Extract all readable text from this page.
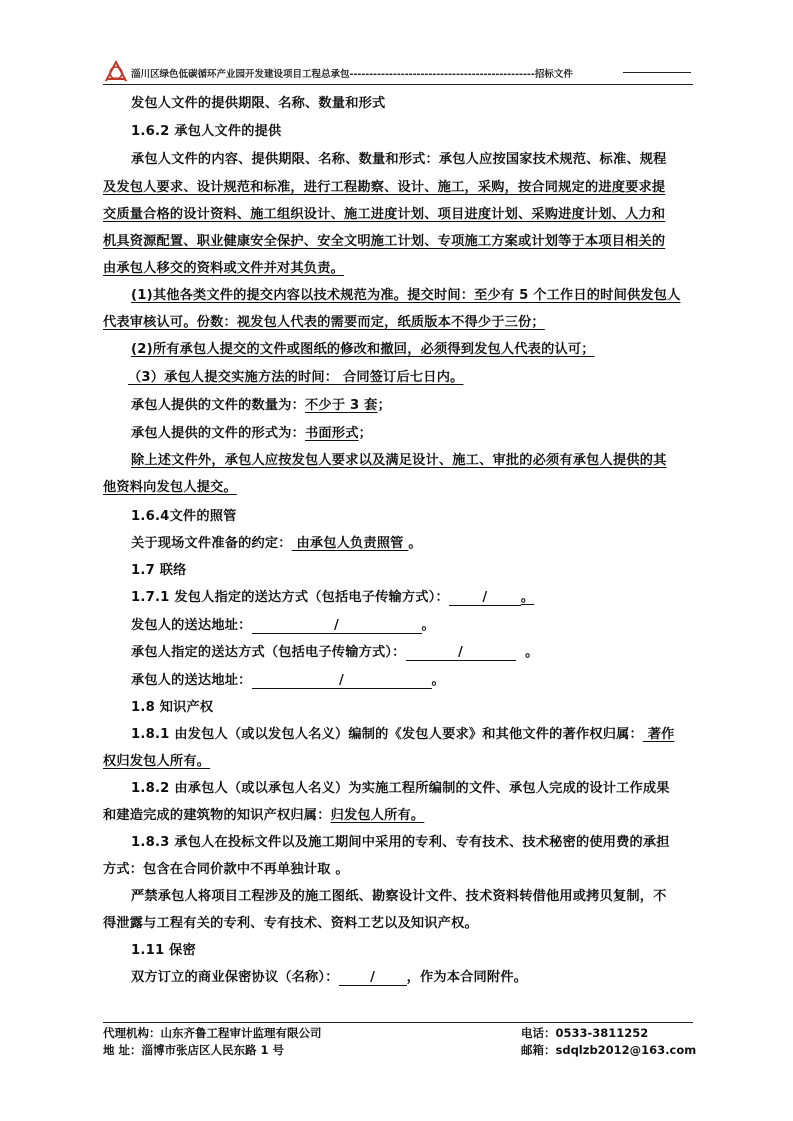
淄川区绿色低碳循环产业园开发建设项目工程总承包-----------------------------------------------招标文件
发包人文件的提供期限、名称、数量和形式
1.6.2 承包人文件的提供
承包人文件的内容、提供期限、名称、数量和形式：承包人应按国家技术规范、标准、规程
及发包人要求、设计规范和标准，进行工程勘察、设计、施工，采购，按合同规定的进度要求提
交质量合格的设计资料、施工组织设计、施工进度计划、项目进度计划、采购进度计划、人力和
机具资源配置、职业健康安全保护、安全文明施工计划、专项施工方案或计划等于本项目相关的
由承包人移交的资料或文件并对其负责。
(1)其他各类文件的提交内容以技术规范为准。提交时间：至少有 5 个工作日的时间供发包人
代表审核认可。份数：视发包人代表的需要而定，纸质版本不得少于三份；
(2)所有承包人提交的文件或图纸的修改和撤回，必须得到发包人代表的认可；
（3）承包人提交实施方法的时间： 合同签订后七日内。
承包人提供的文件的数量为：不少于 3 套；
承包人提供的文件的形式为：书面形式；
除上述文件外，承包人应按发包人要求以及满足设计、施工、审批的必须有承包人提供的其
他资料向发包人提交。
1.6.4文件的照管
关于现场文件准备的约定： 由承包人负责照管 。
1.7 联络
1.7.1 发包人指定的送达方式（包括电子传输方式）：	/	。
发包人的送达地址：	/	。
承包人指定的送达方式（包括电子传输方式）：	/	。
承包人的送达地址：	/	。
1.8 知识产权
1.8.1 由发包人（或以发包人名义）编制的《发包人要求》和其他文件的著作权归属： 著作
权归发包人所有。
1.8.2 由承包人（或以承包人名义）为实施工程所编制的文件、承包人完成的设计工作成果
和建造完成的建筑物的知识产权归属：归发包人所有。
1.8.3 承包人在投标文件以及施工期间中采用的专利、专有技术、技术秘密的使用费的承担
方式：包含在合同价款中不再单独计取 。
严禁承包人将项目工程涉及的施工图纸、勘察设计文件、技术资料转借他用或拷贝复制，不
得泄露与工程有关的专利、专有技术、资料工艺以及知识产权。
1.11 保密
双方订立的商业保密协议（名称）： / ，作为本合同附件。
代理机构：山东齐鲁工程审计监理有限公司	电话：0533-3811252
地 址：淄博市张店区人民东路 1 号	邮箱：sdqlzb2012@163.com
